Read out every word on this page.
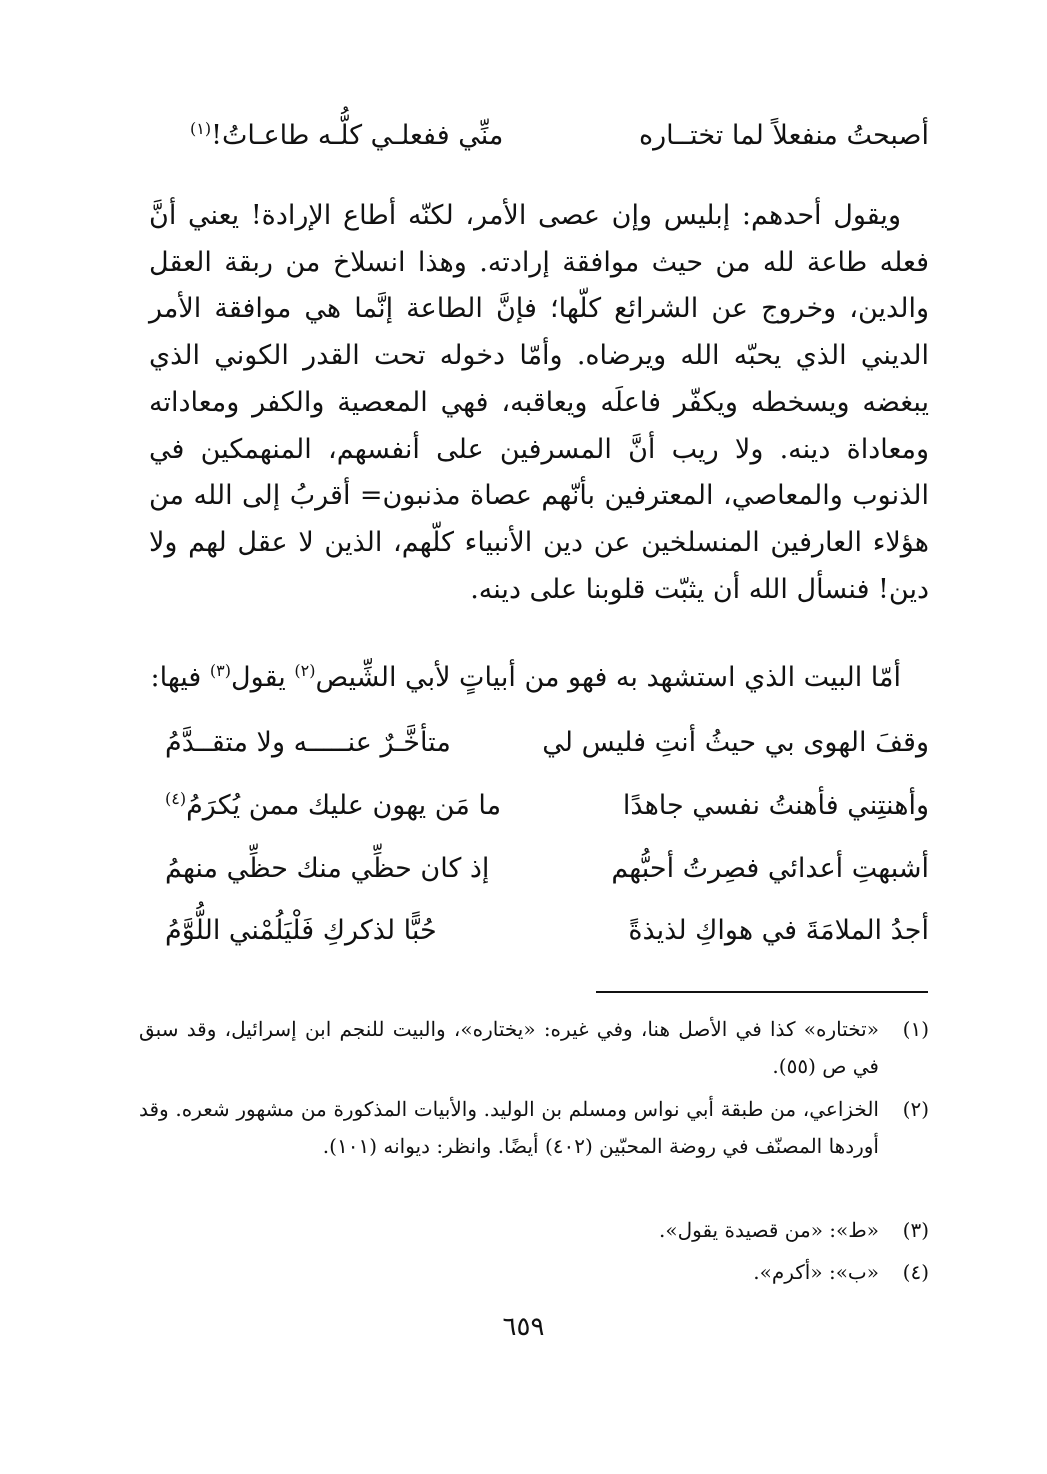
أصبحتُ منفعلاً لما تختــاره
منِّي ففعلـي كلُّـه طاعـاتُ!$^{(١)}$
ويقول أحدهم: إبليس وإن عصى الأمر، لكنّه أطاع الإرادة! يعني أنَّ فعله طاعة لله من حيث موافقة إرادته. وهذا انسلاخ من ربقة العقل والدين، وخروج عن الشرائع كلّها؛ فإنَّ الطاعة إنَّما هي موافقة الأمر الديني الذي يحبّه الله ويرضاه. وأمّا دخوله تحت القدر الكوني الذي يبغضه ويسخطه ويكفّر فاعلَه ويعاقبه، فهي المعصية والكفر ومعاداته ومعاداة دينه. ولا ريب أنَّ المسرفين على أنفسهم، المنهمكين في الذنوب والمعاصي، المعترفين بأنّهم عصاة مذنبون= أقربُ إلى الله من هؤلاء العارفين المنسلخين عن دين الأنبياء كلّهم، الذين لا عقل لهم ولا دين! فنسأل الله أن يثبّت قلوبنا على دينه.
أمّا البيت الذي استشهد به فهو من أبياتٍ لأبي الشِّيص$^{(٢)}$ يقول$^{(٣)}$ فيها:
وقفَ الهوى بي حيثُ أنتِ فليس لي
متأخَّـرٌ عنـــــه ولا متقــدَّمُ
وأهنتِني فأهنتُ نفسي جاهدًا
ما مَن يهون عليك ممن يُكرَمُ$^{(٤)}$
أشبهتِ أعدائي فصِرتُ أحبُّهم
إذ كان حظِّي منك حظِّي منهمُ
أجدُ الملامَةَ في هواكِ لذيذةً
حُبًّا لذكركِ فَلْيَلُمْني اللُّوَّمُ
(١)
«تختاره» كذا في الأصل هنا، وفي غيره: «يختاره»، والبيت للنجم ابن إسرائيل، وقد سبق في ص (٥٥).
(٢)
الخزاعي، من طبقة أبي نواس ومسلم بن الوليد. والأبيات المذكورة من مشهور شعره. وقد أوردها المصنّف في روضة المحبّين (٤٠٢) أيضًا. وانظر: ديوانه (١٠١).
(٣)
«ط»: «من قصيدة يقول».
(٤)
«ب»: «أكرم».
٦٥٩
